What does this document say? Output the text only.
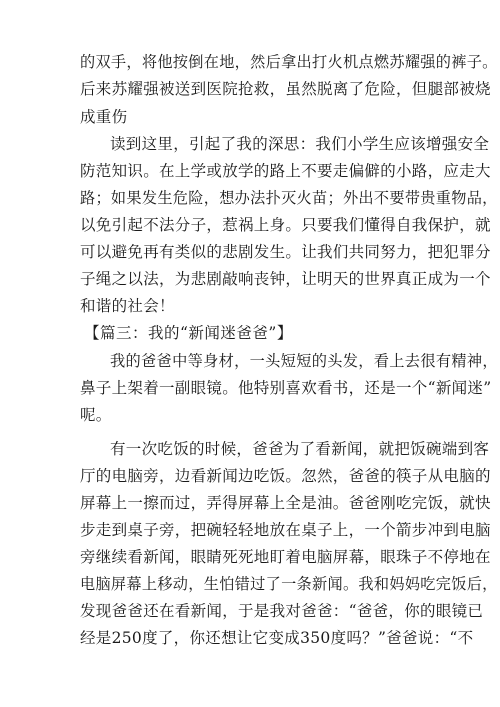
的双手，将他按倒在地，然后拿出打火机点燃苏耀强的裤子。
后来苏耀强被送到医院抢救，虽然脱离了危险，但腿部被烧
成重伤
读到这里，引起了我的深思：我们小学生应该增强安全
防范知识。在上学或放学的路上不要走偏僻的小路，应走大
路；如果发生危险，想办法扑灭火苗；外出不要带贵重物品，
以免引起不法分子，惹祸上身。只要我们懂得自我保护，就
可以避免再有类似的悲剧发生。让我们共同努力，把犯罪分
子绳之以法，为悲剧敲响丧钟，让明天的世界真正成为一个
和谐的社会！
【篇三：我的“新闻迷爸爸”】
我的爸爸中等身材，一头短短的头发，看上去很有精神，
鼻子上架着一副眼镜。他特别喜欢看书，还是一个“新闻迷”
呢。
有一次吃饭的时候，爸爸为了看新闻，就把饭碗端到客
厅的电脑旁，边看新闻边吃饭。忽然，爸爸的筷子从电脑的
屏幕上一擦而过，弄得屏幕上全是油。爸爸刚吃完饭，就快
步走到桌子旁，把碗轻轻地放在桌子上，一个箭步冲到电脑
旁继续看新闻，眼睛死死地盯着电脑屏幕，眼珠子不停地在
电脑屏幕上移动，生怕错过了一条新闻。我和妈妈吃完饭后，
发现爸爸还在看新闻，于是我对爸爸：“爸爸，你的眼镜已
经是250度了，你还想让它变成350度吗？”爸爸说：“不
